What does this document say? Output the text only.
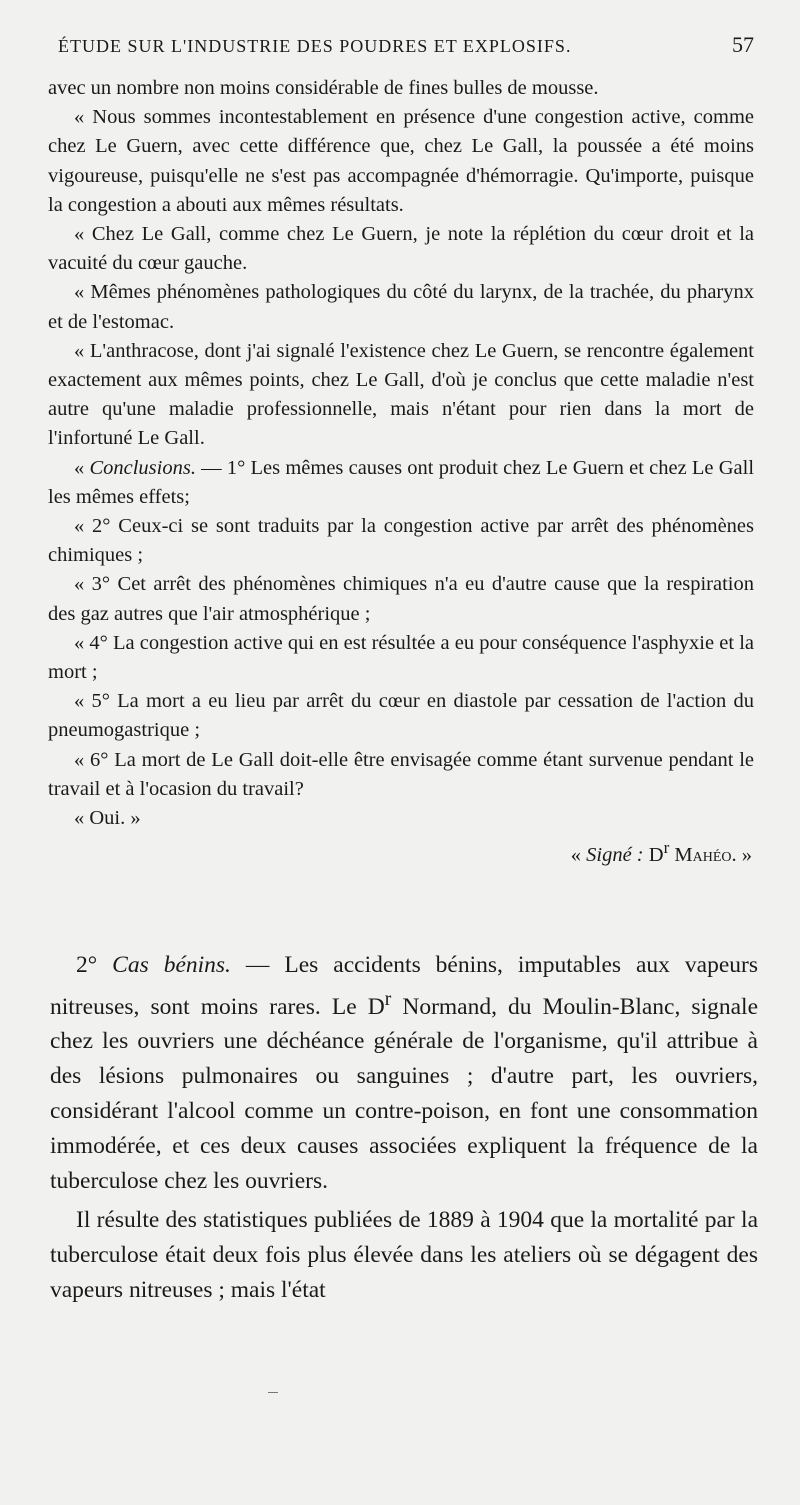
ÉTUDE SUR L'INDUSTRIE DES POUDRES ET EXPLOSIFS.	57

avec un nombre non moins considérable de fines bulles de mousse.

« Nous sommes incontestablement en présence d'une congestion active, comme chez Le Guern, avec cette différence que, chez Le Gall, la poussée a été moins vigoureuse, puisqu'elle ne s'est pas accompagnée d'hémorragie. Qu'importe, puisque la congestion a abouti aux mêmes résultats.

« Chez Le Gall, comme chez Le Guern, je note la réplétion du cœur droit et la vacuité du cœur gauche.

« Mêmes phénomènes pathologiques du côté du larynx, de la trachée, du pharynx et de l'estomac.

« L'anthracose, dont j'ai signalé l'existence chez Le Guern, se rencontre également exactement aux mêmes points, chez Le Gall, d'où je conclus que cette maladie n'est autre qu'une maladie professionnelle, mais n'étant pour rien dans la mort de l'infortuné Le Gall.

« Conclusions. — 1° Les mêmes causes ont produit chez Le Guern et chez Le Gall les mêmes effets;

« 2° Ceux-ci se sont traduits par la congestion active par arrêt des phénomènes chimiques ;

« 3° Cet arrêt des phénomènes chimiques n'a eu d'autre cause que la respiration des gaz autres que l'air atmosphérique ;

« 4° La congestion active qui en est résultée a eu pour conséquence l'asphyxie et la mort ;

« 5° La mort a eu lieu par arrêt du cœur en diastole par cessation de l'action du pneumogastrique ;

« 6° La mort de Le Gall doit-elle être envisagée comme étant survenue pendant le travail et à l'ocasion du travail?

« Oui. »

« Signé : $D^r$ Mahéo. »

2° Cas bénins. — Les accidents bénins, imputables aux vapeurs nitreuses, sont moins rares. Le $D^r$ Normand, du Moulin-Blanc, signale chez les ouvriers une déchéance générale de l'organisme, qu'il attribue à des lésions pulmonaires ou sanguines ; d'autre part, les ouvriers, considérant l'alcool comme un contre-poison, en font une consommation immodérée, et ces deux causes associées expliquent la fréquence de la tuberculose chez les ouvriers.

Il résulte des statistiques publiées de 1889 à 1904 que la mortalité par la tuberculose était deux fois plus élevée dans les ateliers où se dégagent des vapeurs nitreuses ; mais l'état
